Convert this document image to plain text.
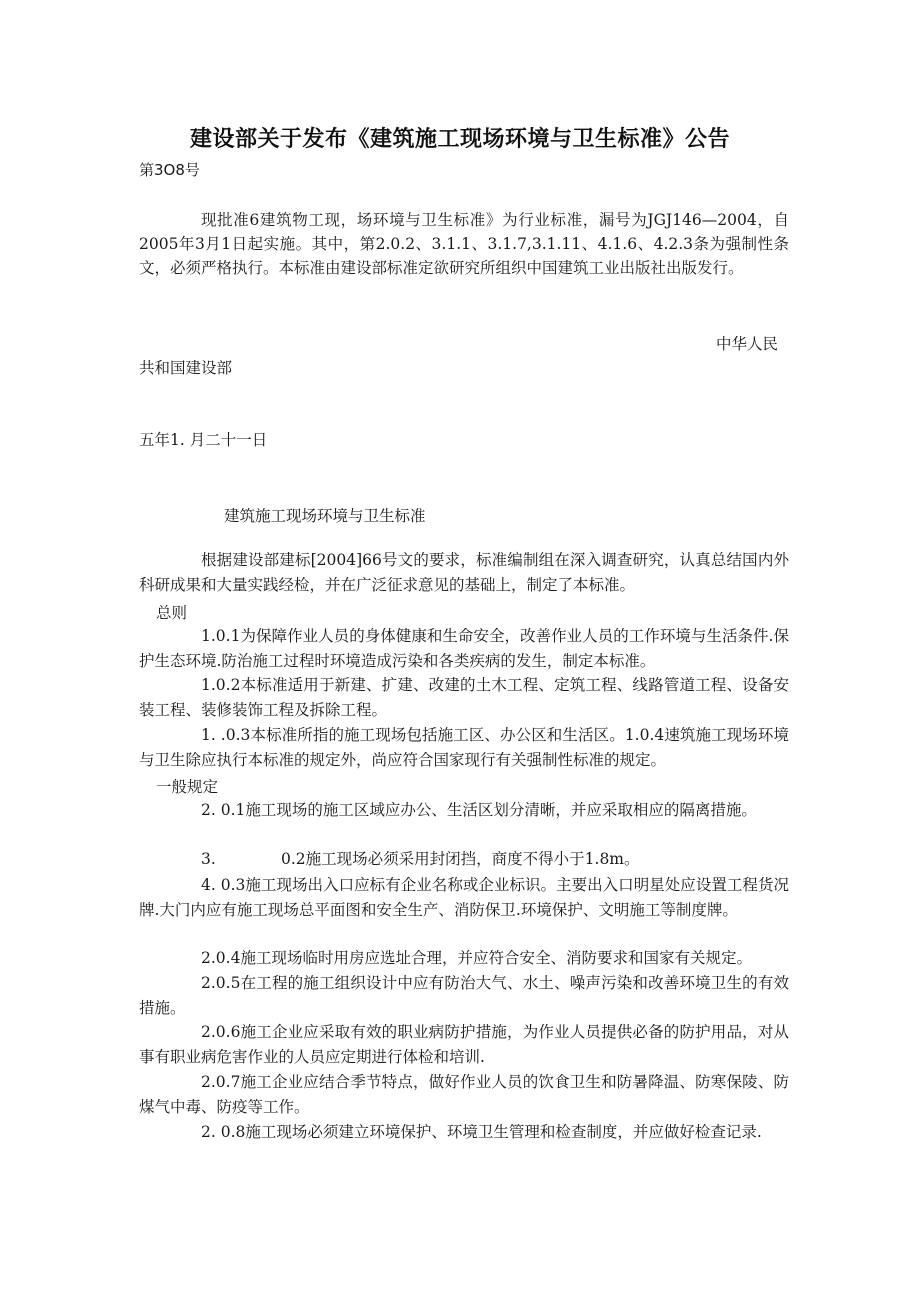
建设部关于发布《建筑施工现场环境与卫生标准》公告
第3O8号
现批准6建筑物工现，场环境与卫生标准》为行业标准，漏号为JGJ146—2004，自2005年3月1日起实施。其中，第2.0.2、3.1.1、3.1.7,3.1.11、4.1.6、4.2.3条为强制性条文，必须严格执行。本标准由建设部标准定欲研究所组织中国建筑工业出版社出版发行。
中华人民
共和国建设部
五年1. 月二十一日
建筑施工现场环境与卫生标准
根据建设部建标[2004]66号文的要求，标准编制组在深入调查研究，认真总结国内外科研成果和大量实践经检，并在广泛征求意见的基础上，制定了本标准。
总则
1.0.1为保障作业人员的身体健康和生命安全，改善作业人员的工作环境与生活条件.保护生态环境.防治施工过程时环境造成污染和各类疾病的发生，制定本标准。
1.0.2本标准适用于新建、扩建、改建的土木工程、定筑工程、线路管道工程、设备安装工程、装修装饰工程及拆除工程。
1. .0.3本标准所指的施工现场包括施工区、办公区和生活区。1.0.4速筑施工现场环境与卫生除应执行本标准的规定外，尚应符合国家现行有关强制性标准的规定。
一般规定
2. 0.1施工现场的施工区域应办公、生活区划分清晰，并应采取相应的隔离措施。
3.	0.2施工现场必须采用封闭挡，商度不得小于1.8m。
4. 0.3施工现场出入口应标有企业名称或企业标识。主要出入口明星处应设置工程货况牌.大门内应有施工现场总平面图和安全生产、消防保卫.环境保护、文明施工等制度牌。
2.0.4施工现场临时用房应选址合理，并应符合安全、消防要求和国家有关规定。
2.0.5在工程的施工组织设计中应有防治大气、水土、噪声污染和改善环境卫生的有效措施。
2.0.6施工企业应采取有效的职业病防护措施，为作业人员提供必备的防护用品，对从事有职业病危害作业的人员应定期进行体检和培训.
2.0.7施工企业应结合季节特点，做好作业人员的饮食卫生和防暑降温、防寒保陵、防煤气中毒、防疫等工作。
2. 0.8施工现场必须建立环境保护、环境卫生管理和检查制度，并应做好检查记录.
